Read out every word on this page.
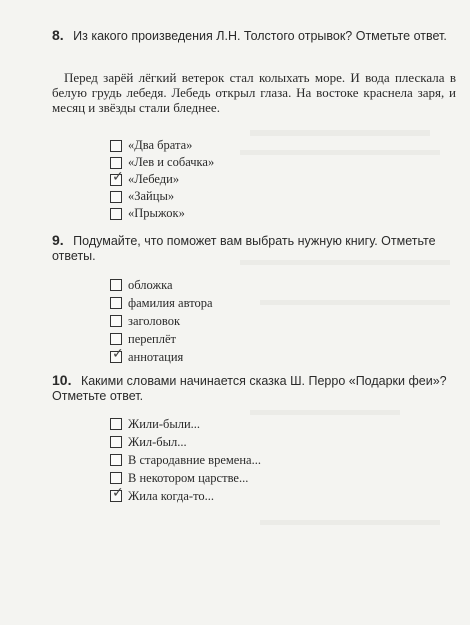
8. Из какого произведения Л.Н. Толстого отрывок? Отметьте ответ.
Перед зарёй лёгкий ветерок стал колыхать море. И вода плескала в белую грудь лебедя. Лебедь открыл глаза. На востоке краснела заря, и месяц и звёзды стали бледнее.
«Два брата»
«Лев и собачка»
✓ «Лебеди»
«Зайцы»
«Прыжок»
9. Подумайте, что поможет вам выбрать нужную книгу. Отметьте ответы.
обложка
фамилия автора
заголовок
переплёт
✓ аннотация
10. Какими словами начинается сказка Ш. Перро «Подарки феи»? Отметьте ответ.
Жили-были...
Жил-был...
В стародавние времена...
В некотором царстве...
✓ Жила когда-то...
